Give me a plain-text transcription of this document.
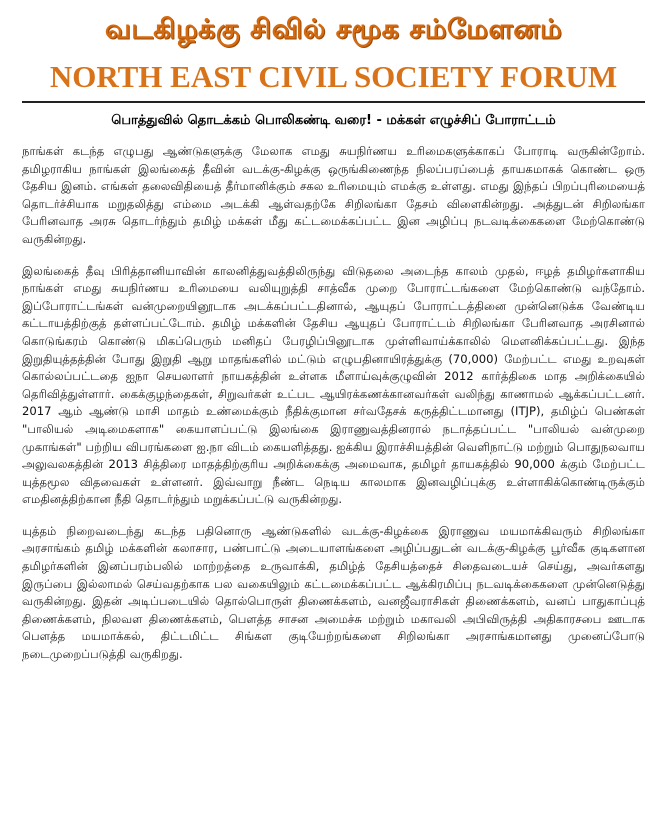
வடகிழக்கு சிவில் சமூக சம்மேளனம்
NORTH EAST CIVIL SOCIETY FORUM
பொத்துவில் தொடக்கம் பொலிகண்டி வரை! - மக்கள் எழுச்சிப் போராட்டம்

நாங்கள் கடந்த எழுபது ஆண்டுகளுக்கு மேலாக எமது சுயநிர்ணய உரிமைகளுக்காகப் போராடி வருகின்றோம். தமிழராகிய நாங்கள் இலங்கைத் தீவின் வடக்கு-கிழக்கு ஒருங்கிணைந்த நிலப்பரப்பைத் தாயகமாகக் கொண்ட ஒரு தேசிய இனம். எங்கள் தலைவிதியைத் தீர்மானிக்கும் சகல உரிமையும் எமக்கு உள்ளது. எமது இந்தப் பிறப்புரிமையைத் தொடர்ச்சியாக மறுதலித்து எம்மை அடக்கி ஆள்வதற்கே சிறிலங்கா தேசம் விளைகின்றது. அத்துடன் சிறிலங்கா பேரினவாத அரசு தொடர்ந்தும் தமிழ் மக்கள் மீது கட்டமைக்கப்பட்ட இன அழிப்பு நடவடிக்கைகளை மேற்கொண்டு வருகின்றது.

இலங்கைத் தீவு பிரித்தானியாவின் காலனித்துவத்திலிருந்து விடுதலை அடைந்த காலம் முதல், ஈழத் தமிழர்களாகிய நாங்கள் எமது சுயநிர்ணய உரிமையை வலியுறுத்தி சாத்வீக முறை போராட்டங்களை மேற்கொண்டு வந்தோம். இப்போராட்டங்கள் வன்முறையினூடாக அடக்கப்பட்டதினால், ஆயுதப் போராட்டத்தினை முன்னெடுக்க வேண்டிய கட்டாயத்திற்குத் தள்ளப்பட்டோம். தமிழ் மக்களின் தேசிய ஆயுதப் போராட்டம் சிறிலங்கா பேரினவாத அரசினால் கொடுங்கரம் கொண்டு மிகப்பெரும் மனிதப் பேரழிப்பினூடாக முள்ளிவாய்க்காலில் மௌனிக்கப்பட்டது. இந்த இறுதியுத்தத்தின் போது இறுதி ஆறு மாதங்களில் மட்டும் எழுபதினாயிரத்துக்கு (70,000) மேற்பட்ட எமது உறவுகள் கொல்லப்பட்டதை ஐநா செயலாளர் நாயகத்தின் உள்ளக மீளாய்வுக்குழுவின் 2012 கார்த்திகை மாத அறிக்கையில் தெரிவித்துள்ளார். கைக்குழந்தைகள், சிறுவர்கள் உட்பட ஆயிரக்கணக்கானவர்கள் வலிந்து காணாமல் ஆக்கப்பட்டனர். 2017 ஆம் ஆண்டு மாசி மாதம் உண்மைக்கும் நீதிக்குமான சர்வதேசக் கருத்திட்டமானது (ITJP), தமிழ்ப் பெண்கள் "பாலியல் அடிமைகளாக" கையாளப்பட்டு இலங்கை இராணுவத்தினரால் நடாத்தப்பட்ட "பாலியல் வன்முறை முகாங்கள்" பற்றிய விபரங்களை ஐ.நா விடம் கையளித்தது. ஐக்கிய இராச்சியத்தின் வெளிநாட்டு மற்றும் பொதுநலவாய அலுவலகத்தின் 2013 சித்திரை மாதத்திற்குரிய அறிக்கைக்கு அமைவாக, தமிழர் தாயகத்தில் 90,000 க்கும் மேற்பட்ட யுத்தமூல விதவைகள் உள்ளனர். இவ்வாறு நீண்ட நெடிய காலமாக இனவழிப்புக்கு உள்ளாகிக்கொண்டிருக்கும் எமதினத்திற்கான நீதி தொடர்ந்தும் மறுக்கப்பட்டு வருகின்றது.

யுத்தம் நிறைவடைந்து கடந்த பதினொரு ஆண்டுகளில் வடக்கு-கிழக்கை இராணுவ மயமாக்கிவரும் சிறிலங்கா அரசாங்கம் தமிழ் மக்களின் கலாசார, பண்பாட்டு அடையாளங்களை அழிப்பதுடன் வடக்கு-கிழக்கு பூர்வீக குடிகளான தமிழர்களின் இனப்பரம்பலில் மாற்றத்தை உருவாக்கி, தமிழ்த் தேசியத்தைச் சிதைவடையச் செய்து, அவர்களது இருப்பை இல்லாமல் செய்வதற்காக பல வகையிலும் கட்டமைக்கப்பட்ட ஆக்கிரமிப்பு நடவடிக்கைகளை முன்னெடுத்து வருகின்றது. இதன் அடிப்படையில் தொல்பொருள் திணைக்களம், வனஜீவராசிகள் திணைக்களம், வனப் பாதுகாப்புத் திணைக்களம், நிலவள திணைக்களம், பௌத்த சாசன அமைச்சு மற்றும் மகாவலி அபிவிருத்தி அதிகாரசபை ஊடாக பௌத்த மயமாக்கல், திட்டமிட்ட சிங்கள குடியேற்றங்களை சிறிலங்கா அரசாங்கமானது முனைப்போடு நடைமுறைப்படுத்தி வருகிறது.
